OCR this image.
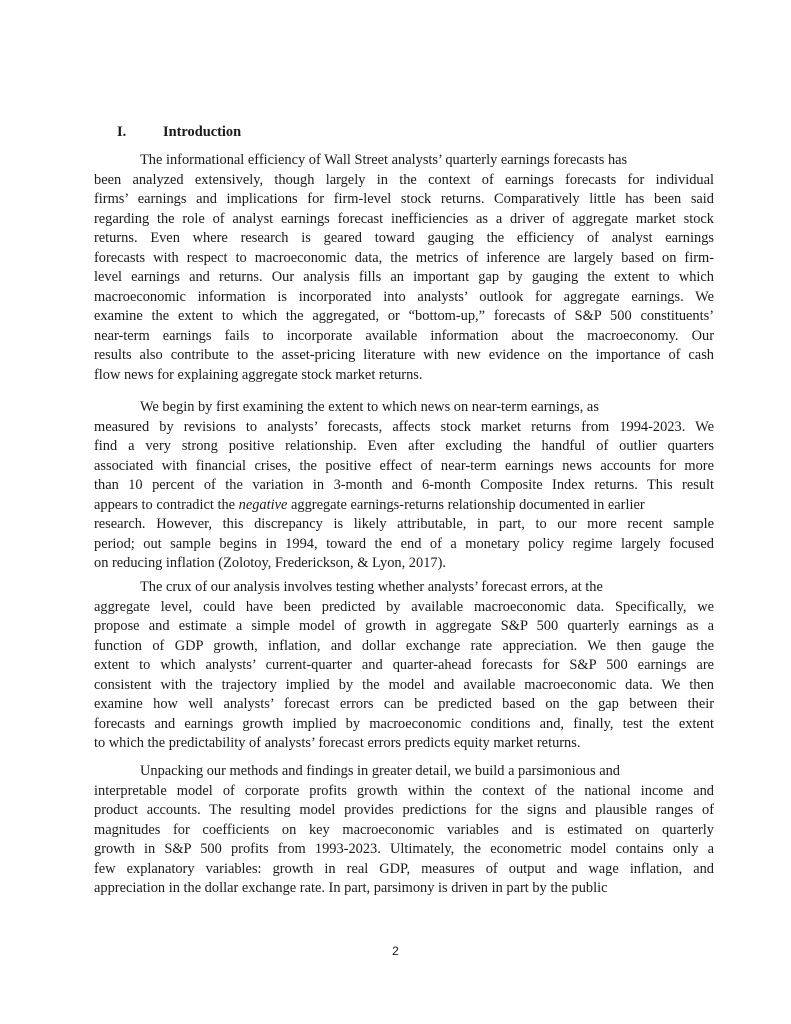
I.	Introduction
The informational efficiency of Wall Street analysts’ quarterly earnings forecasts has
been analyzed extensively, though largely in the context of earnings forecasts for individual
firms’ earnings and implications for firm-level stock returns. Comparatively little has been said
regarding the role of analyst earnings forecast inefficiencies as a driver of aggregate market stock
returns. Even where research is geared toward gauging the efficiency of analyst earnings
forecasts with respect to macroeconomic data, the metrics of inference are largely based on firm-
level earnings and returns. Our analysis fills an important gap by gauging the extent to which
macroeconomic information is incorporated into analysts’ outlook for aggregate earnings. We
examine the extent to which the aggregated, or “bottom-up,” forecasts of S&P 500 constituents’
near-term earnings fails to incorporate available information about the macroeconomy. Our
results also contribute to the asset-pricing literature with new evidence on the importance of cash
flow news for explaining aggregate stock market returns.
We begin by first examining the extent to which news on near-term earnings, as
measured by revisions to analysts’ forecasts, affects stock market returns from 1994-2023. We
find a very strong positive relationship. Even after excluding the handful of outlier quarters
associated with financial crises, the positive effect of near-term earnings news accounts for more
than 10 percent of the variation in 3-month and 6-month Composite Index returns. This result
appears to contradict the negative aggregate earnings-returns relationship documented in earlier
research. However, this discrepancy is likely attributable, in part, to our more recent sample
period; out sample begins in 1994, toward the end of a monetary policy regime largely focused
on reducing inflation (Zolotoy, Frederickson, & Lyon, 2017).
The crux of our analysis involves testing whether analysts’ forecast errors, at the
aggregate level, could have been predicted by available macroeconomic data. Specifically, we
propose and estimate a simple model of growth in aggregate S&P 500 quarterly earnings as a
function of GDP growth, inflation, and dollar exchange rate appreciation. We then gauge the
extent to which analysts’ current-quarter and quarter-ahead forecasts for S&P 500 earnings are
consistent with the trajectory implied by the model and available macroeconomic data. We then
examine how well analysts’ forecast errors can be predicted based on the gap between their
forecasts and earnings growth implied by macroeconomic conditions and, finally, test the extent
to which the predictability of analysts’ forecast errors predicts equity market returns.
Unpacking our methods and findings in greater detail, we build a parsimonious and
interpretable model of corporate profits growth within the context of the national income and
product accounts. The resulting model provides predictions for the signs and plausible ranges of
magnitudes for coefficients on key macroeconomic variables and is estimated on quarterly
growth in S&P 500 profits from 1993-2023. Ultimately, the econometric model contains only a
few explanatory variables: growth in real GDP, measures of output and wage inflation, and
appreciation in the dollar exchange rate. In part, parsimony is driven in part by the public
2
